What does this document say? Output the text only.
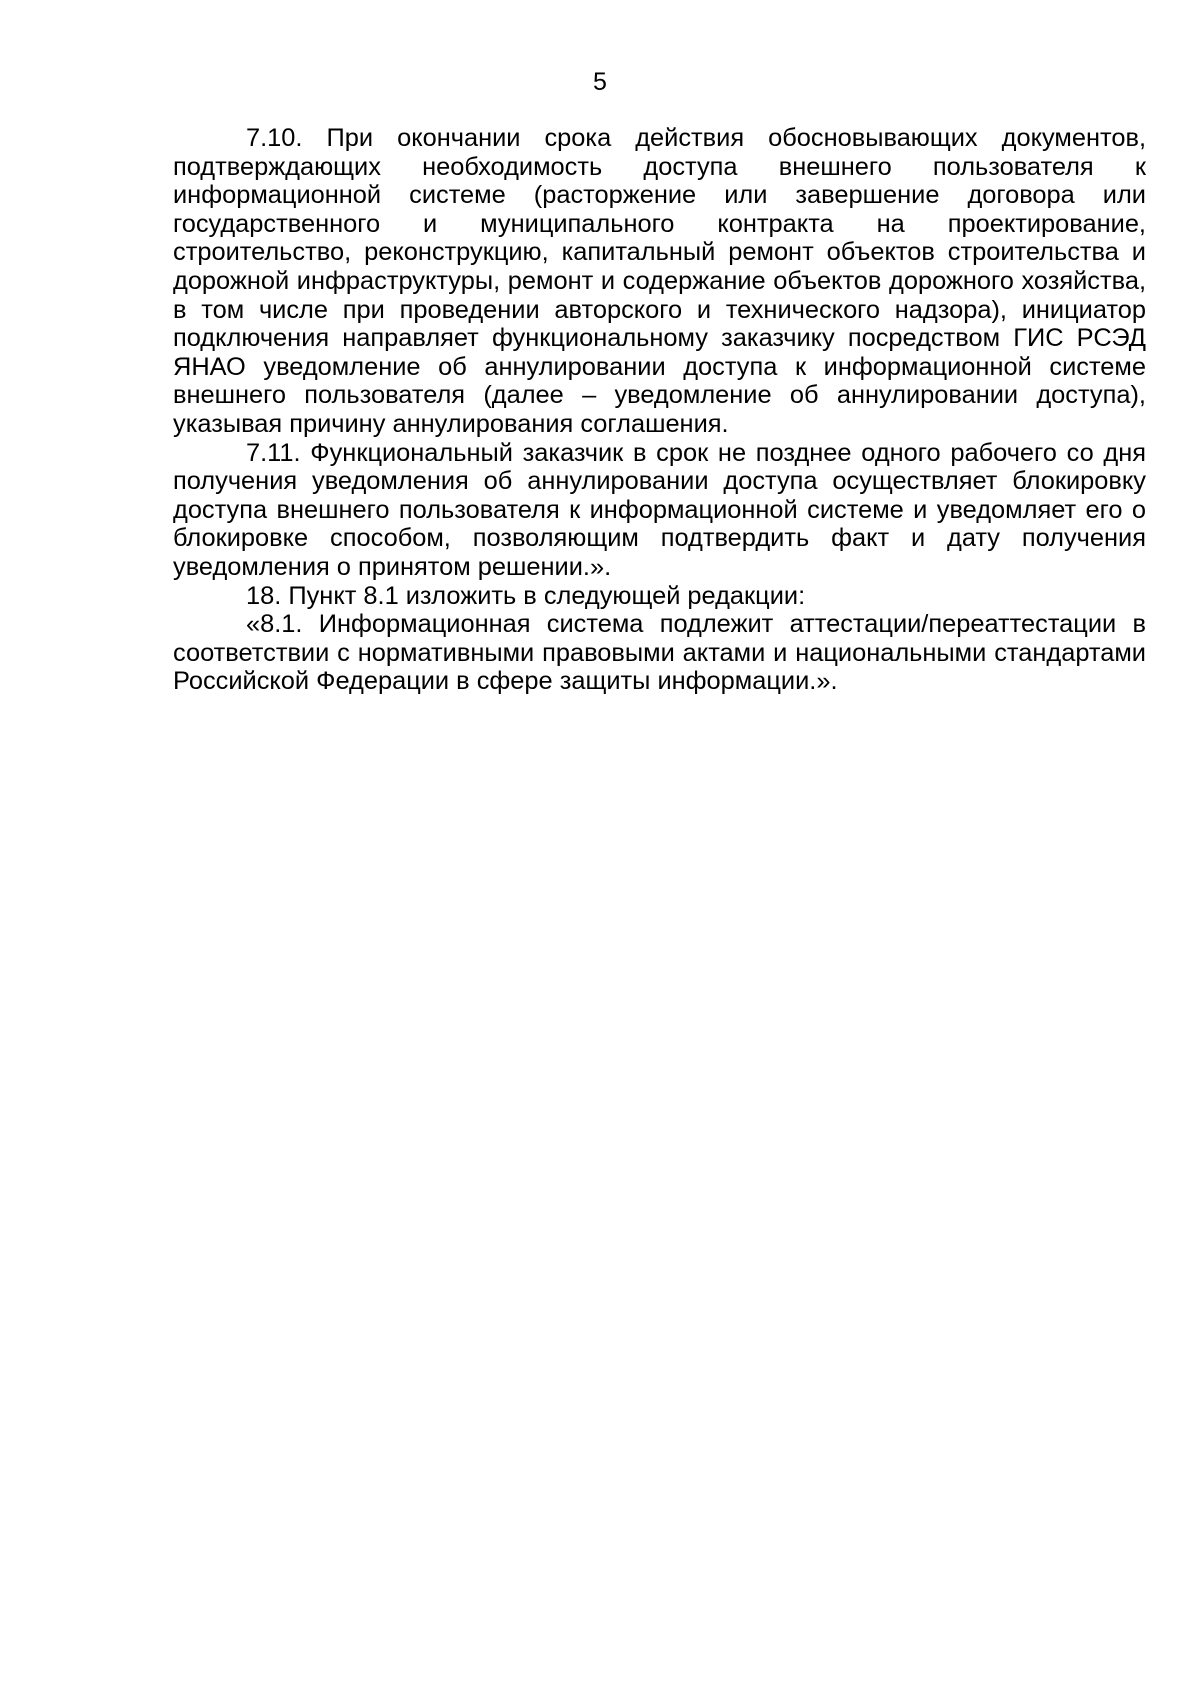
5

7.10. При окончании срока действия обосновывающих документов, подтверждающих необходимость доступа внешнего пользователя к информационной системе (расторжение или завершение договора или государственного и муниципального контракта на проектирование, строительство, реконструкцию, капитальный ремонт объектов строительства и дорожной инфраструктуры, ремонт и содержание объектов дорожного хозяйства, в том числе при проведении авторского и технического надзора), инициатор подключения направляет функциональному заказчику посредством ГИС РСЭД ЯНАО уведомление об аннулировании доступа к информационной системе внешнего пользователя (далее – уведомление об аннулировании доступа), указывая причину аннулирования соглашения.

7.11. Функциональный заказчик в срок не позднее одного рабочего со дня получения уведомления об аннулировании доступа осуществляет блокировку доступа внешнего пользователя к информационной системе и уведомляет его о блокировке способом, позволяющим подтвердить факт и дату получения уведомления о принятом решении.».

18. Пункт 8.1 изложить в следующей редакции:

«8.1. Информационная система подлежит аттестации/переаттестации в соответствии с нормативными правовыми актами и национальными стандартами Российской Федерации в сфере защиты информации.».
